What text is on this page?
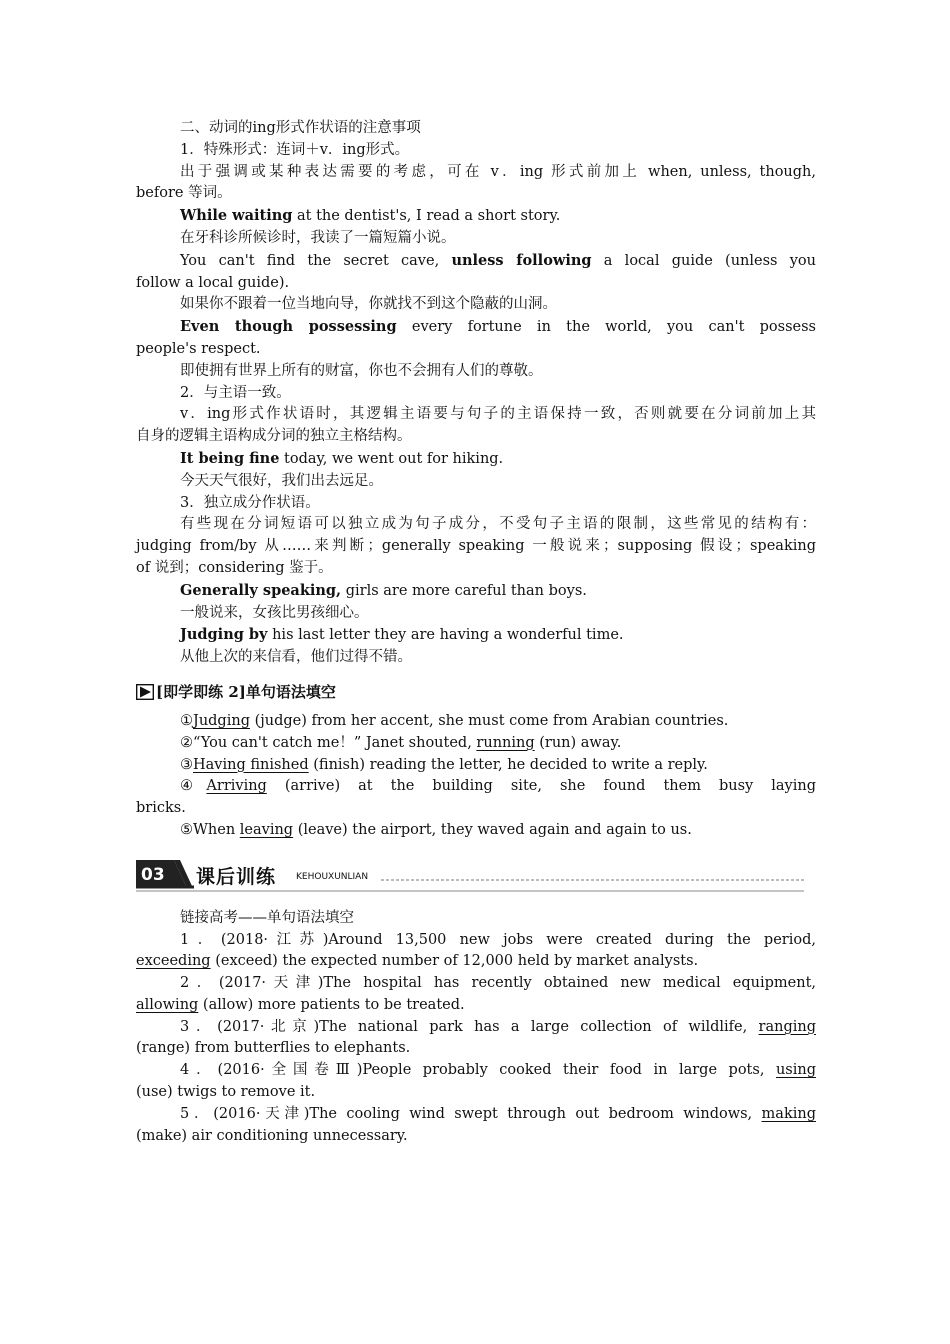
二、动词的ing形式作状语的注意事项
1．特殊形式：连词＋v．ing形式。
出于强调或某种表达需要的考虑，可在 v．ing 形式前加上 when, unless, though,
before 等词。
While waiting at the dentist's, I read a short story.
在牙科诊所候诊时，我读了一篇短篇小说。
You can't find the secret cave, unless following a local guide (unless you
follow a local guide).
如果你不跟着一位当地向导，你就找不到这个隐蔽的山洞。
Even though possessing every fortune in the world, you can't possess
people's respect.
即使拥有世界上所有的财富，你也不会拥有人们的尊敬。
2．与主语一致。
v．ing形式作状语时，其逻辑主语要与句子的主语保持一致，否则就要在分词前加上其
自身的逻辑主语构成分词的独立主格结构。
It being fine today, we went out for hiking.
今天天气很好，我们出去远足。
3．独立成分作状语。
有些现在分词短语可以独立成为句子成分，不受句子主语的限制，这些常见的结构有：
judging from/by 从……来判断；generally speaking 一般说来；supposing 假设；speaking
of 说到；considering 鉴于。
Generally speaking, girls are more careful than boys.
一般说来，女孩比男孩细心。
Judging by his last letter they are having a wonderful time.
从他上次的来信看，他们过得不错。
[即学即练 2]单句语法填空
①Judging (judge) from her accent, she must come from Arabian countries.
②“You can't catch me！” Janet shouted, running (run) away.
③Having finished (finish) reading the letter, he decided to write a reply.
④Arriving (arrive) at the building site, she found them busy laying
bricks.
⑤When leaving (leave) the airport, they waved again and again to us.
03 课后训练 KEHOUXUNLIAN
链接高考——单句语法填空
1．(2018·江苏)Around 13,500 new jobs were created during the period,
exceeding (exceed) the expected number of 12,000 held by market analysts.
2．(2017·天津)The hospital has recently obtained new medical equipment,
allowing (allow) more patients to be treated.
3．(2017·北京)The national park has a large collection of wildlife, ranging
(range) from butterflies to elephants.
4．(2016·全国卷Ⅲ)People probably cooked their food in large pots, using
(use) twigs to remove it.
5．(2016·天津)The cooling wind swept through out bedroom windows, making
(make) air conditioning unnecessary.
